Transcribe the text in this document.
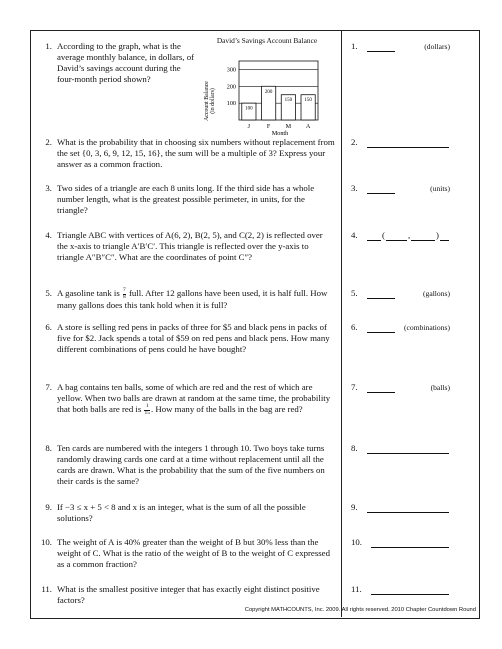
1. According to the graph, what is the average monthly balance, in dollars, of David’s savings account during the four-month period shown?
David’s Savings Account Balance
Account Balance (in dollars)
Month
100
200
300
100
J
200
F
150
M
150
A
2. What is the probability that in choosing six numbers without replacement from the set {0, 3, 6, 9, 12, 15, 16}, the sum will be a multiple of 3? Express your answer as a common fraction.
3. Two sides of a triangle are each 8 units long. If the third side has a whole number length, what is the greatest possible perimeter, in units, for the triangle?
4. Triangle ABC with vertices of A(6, 2), B(2, 5), and C(2, 2) is reflected over the x-axis to triangle A′B′C′. This triangle is reflected over the y-axis to triangle A″B″C″. What are the coordinates of point C″?
5. A gasoline tank is $\frac{7}{8}$ full. After 12 gallons have been used, it is half full. How many gallons does this tank hold when it is full?
6. A store is selling red pens in packs of three for $5 and black pens in packs of five for $2. Jack spends a total of $59 on red pens and black pens. How many different combinations of pens could he have bought?
7. A bag contains ten balls, some of which are red and the rest of which are yellow. When two balls are drawn at random at the same time, the probability that both balls are red is $\frac{1}{15}$ . How many of the balls in the bag are red?
8. Ten cards are numbered with the integers 1 through 10. Two boys take turns randomly drawing cards one card at a time without replacement until all the cards are drawn. What is the probability that the sum of the five numbers on their cards is the same?
9. If −3 ≤ x + 5 < 8 and x is an integer, what is the sum of all the possible solutions?
10. The weight of A is 40% greater than the weight of B but 30% less than the weight of C. What is the ratio of the weight of B to the weight of C expressed as a common fraction?
11. What is the smallest positive integer that has exactly eight distinct positive factors?
1.	(dollars)
2.
3.	(units)
4.	(	,	)
5.	(gallons)
6.	(combinations)
7.	(balls)
8.
9.
10.
11.
Copyright MATHCOUNTS, Inc. 2009. All rights reserved. 2010 Chapter Countdown Round
